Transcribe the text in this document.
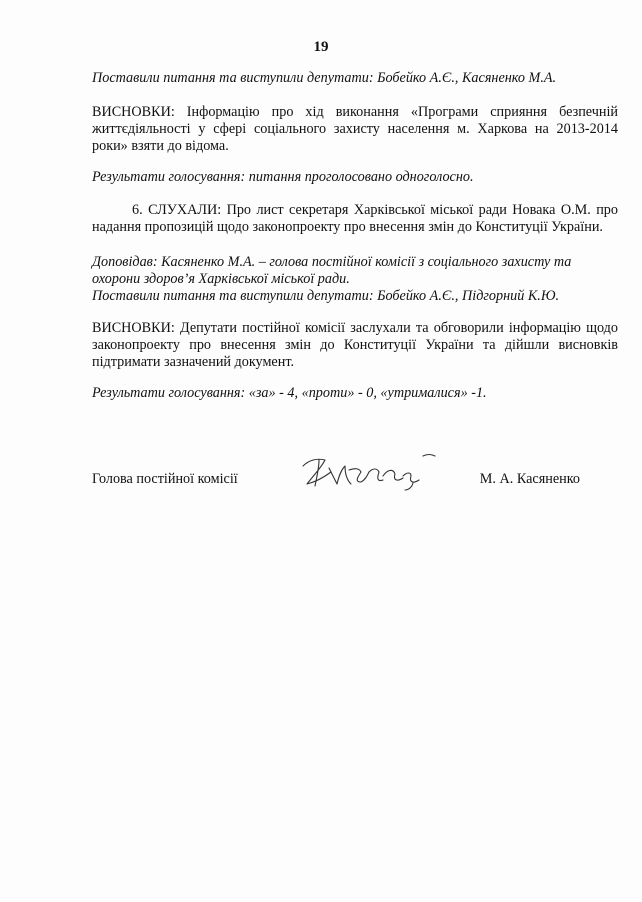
19
Поставили питання та виступили депутати: Бобейко А.Є., Касяненко М.А.
ВИСНОВКИ: Інформацію про хід виконання «Програми сприяння безпечній життєдіяльності у сфері соціального захисту населення м. Харкова на 2013-2014 роки» взяти до відома.
Результати голосування: питання проголосовано одноголосно.
6. СЛУХАЛИ: Про лист секретаря Харківської міської ради Новака О.М. про надання пропозицій щодо законопроекту про внесення змін до Конституції України.
Доповідав: Касяненко М.А. – голова постійної комісії з соціального захисту та охорони здоров’я Харківської міської ради.
Поставили питання та виступили депутати: Бобейко А.Є., Підгорний К.Ю.
ВИСНОВКИ: Депутати постійної комісії заслухали та обговорили інформацію щодо законопроекту про внесення змін до Конституції України та дійшли висновків підтримати зазначений документ.
Результати голосування: «за» - 4, «проти» - 0, «утрималися» -1.
Голова постійної комісії	М. А. Касяненко
